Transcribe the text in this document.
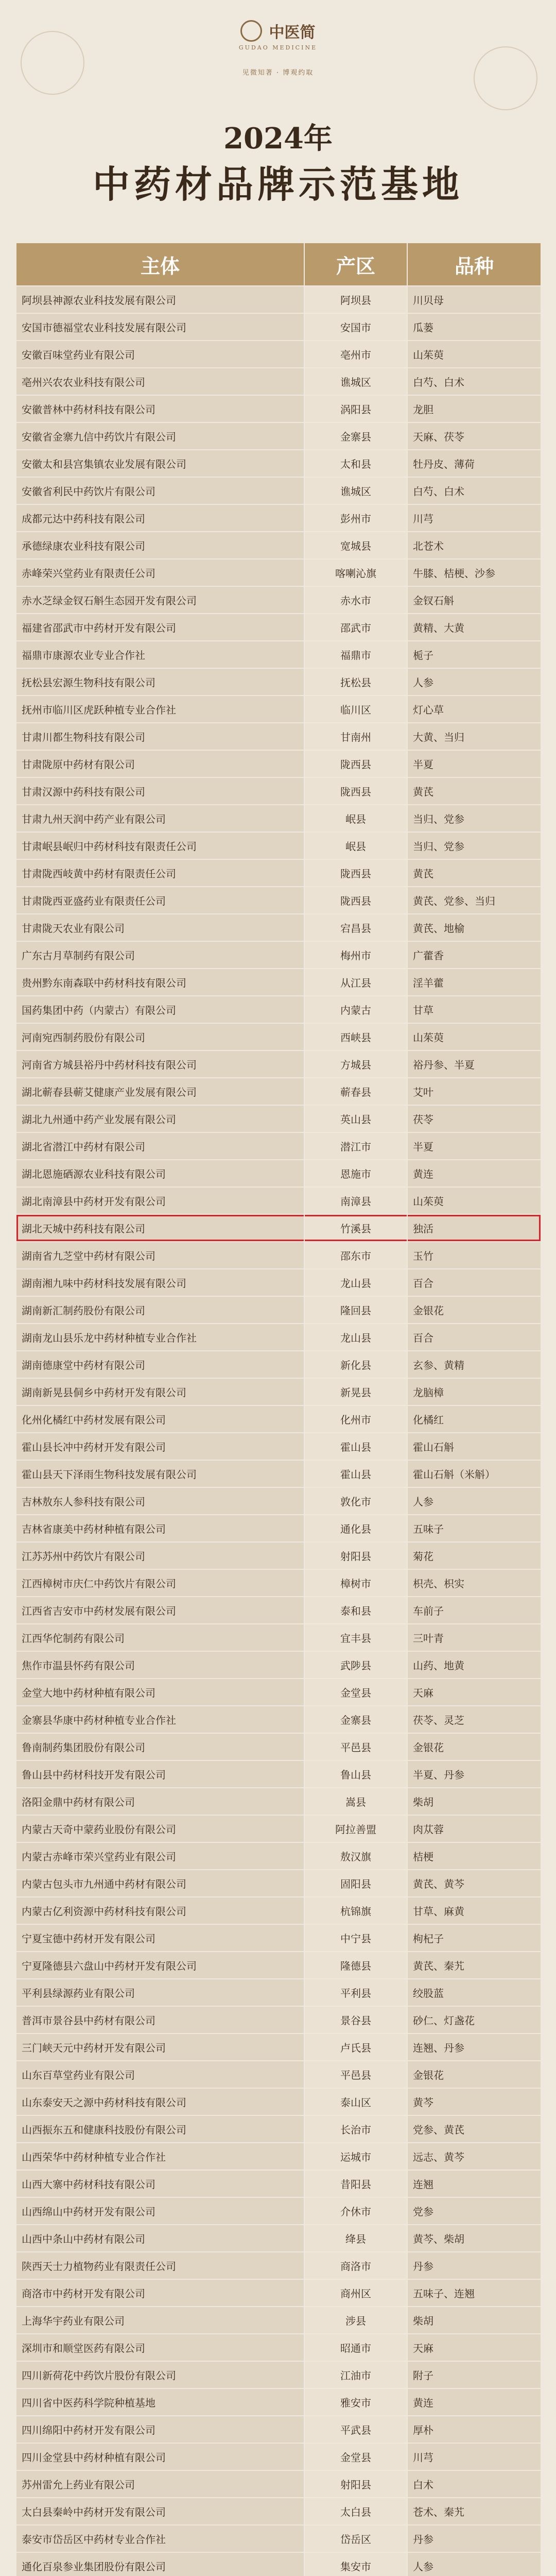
中医简
GUDAO MEDICINE
见微知著 · 博观约取
2024年
中药材品牌示范基地
主体	产区	品种
阿坝县神源农业科技发展有限公司	阿坝县	川贝母
安国市德福堂农业科技发展有限公司	安国市	瓜蒌
安徽百味堂药业有限公司	亳州市	山茱萸
亳州兴农农业科技有限公司	谯城区	白芍、白术
安徽普林中药材科技有限公司	涡阳县	龙胆
安徽省金寨九信中药饮片有限公司	金寨县	天麻、茯苓
安徽太和县宫集镇农业发展有限公司	太和县	牡丹皮、薄荷
安徽省利民中药饮片有限公司	谯城区	白芍、白术
成都元达中药科技有限公司	彭州市	川芎
承德绿康农业科技有限公司	宽城县	北苍术
赤峰荣兴堂药业有限责任公司	喀喇沁旗	牛膝、桔梗、沙参
赤水芝绿金钗石斛生态园开发有限公司	赤水市	金钗石斛
福建省邵武市中药材开发有限公司	邵武市	黄精、大黄
福鼎市康源农业专业合作社	福鼎市	栀子
抚松县宏源生物科技有限公司	抚松县	人参
抚州市临川区虎跃种植专业合作社	临川区	灯心草
甘肃川都生物科技有限公司	甘南州	大黄、当归
甘肃陇原中药材有限公司	陇西县	半夏
甘肃汉源中药科技有限公司	陇西县	黄芪
甘肃九州天润中药产业有限公司	岷县	当归、党参
甘肃岷县岷归中药材科技有限责任公司	岷县	当归、党参
甘肃陇西岐黄中药材有限责任公司	陇西县	黄芪
甘肃陇西亚盛药业有限责任公司	陇西县	黄芪、党参、当归
甘肃陇天农业有限公司	宕昌县	黄芪、地榆
广东古月草制药有限公司	梅州市	广藿香
贵州黔东南森联中药材科技有限公司	从江县	淫羊藿
国药集团中药（内蒙古）有限公司	内蒙古	甘草
河南宛西制药股份有限公司	西峡县	山茱萸
河南省方城县裕丹中药材科技有限公司	方城县	裕丹参、半夏
湖北蕲春县蕲艾健康产业发展有限公司	蕲春县	艾叶
湖北九州通中药产业发展有限公司	英山县	茯苓
湖北省潜江中药材有限公司	潜江市	半夏
湖北恩施硒源农业科技有限公司	恩施市	黄连
湖北南漳县中药材开发有限公司	南漳县	山茱萸
湖北天城中药科技有限公司	竹溪县	独活
湖南省九芝堂中药材有限公司	邵东市	玉竹
湖南湘九味中药材科技发展有限公司	龙山县	百合
湖南新汇制药股份有限公司	隆回县	金银花
湖南龙山县乐龙中药材种植专业合作社	龙山县	百合
湖南德康堂中药材有限公司	新化县	玄参、黄精
湖南新晃县侗乡中药材开发有限公司	新晃县	龙脑樟
化州化橘红中药材发展有限公司	化州市	化橘红
霍山县长冲中药材开发有限公司	霍山县	霍山石斛
霍山县天下泽雨生物科技发展有限公司	霍山县	霍山石斛（米斛）
吉林敖东人参科技有限公司	敦化市	人参
吉林省康美中药材种植有限公司	通化县	五味子
江苏苏州中药饮片有限公司	射阳县	菊花
江西樟树市庆仁中药饮片有限公司	樟树市	枳壳、枳实
江西省吉安市中药材发展有限公司	泰和县	车前子
江西华佗制药有限公司	宜丰县	三叶青
焦作市温县怀药有限公司	武陟县	山药、地黄
金堂大地中药材种植有限公司	金堂县	天麻
金寨县华康中药材种植专业合作社	金寨县	茯苓、灵芝
鲁南制药集团股份有限公司	平邑县	金银花
鲁山县中药材科技开发有限公司	鲁山县	半夏、丹参
洛阳金鼎中药材有限公司	嵩县	柴胡
内蒙古天奇中蒙药业股份有限公司	阿拉善盟	肉苁蓉
内蒙古赤峰市荣兴堂药业有限公司	敖汉旗	桔梗
内蒙古包头市九州通中药材有限公司	固阳县	黄芪、黄芩
内蒙古亿利资源中药材科技有限公司	杭锦旗	甘草、麻黄
宁夏宝德中药材开发有限公司	中宁县	枸杞子
宁夏隆德县六盘山中药材开发有限公司	隆德县	黄芪、秦艽
平利县绿源药业有限公司	平利县	绞股蓝
普洱市景谷县中药材有限公司	景谷县	砂仁、灯盏花
三门峡天元中药材开发有限公司	卢氏县	连翘、丹参
山东百草堂药业有限公司	平邑县	金银花
山东泰安天之源中药材科技有限公司	泰山区	黄芩
山西振东五和健康科技股份有限公司	长治市	党参、黄芪
山西荣华中药材种植专业合作社	运城市	远志、黄芩
山西大寨中药材科技有限公司	昔阳县	连翘
山西绵山中药材开发有限公司	介休市	党参
山西中条山中药材有限公司	绛县	黄芩、柴胡
陕西天士力植物药业有限责任公司	商洛市	丹参
商洛市中药材开发有限公司	商州区	五味子、连翘
上海华宇药业有限公司	涉县	柴胡
深圳市和顺堂医药有限公司	昭通市	天麻
四川新荷花中药饮片股份有限公司	江油市	附子
四川省中医药科学院种植基地	雅安市	黄连
四川绵阳中药材开发有限公司	平武县	厚朴
四川金堂县中药材种植有限公司	金堂县	川芎
苏州雷允上药业有限公司	射阳县	白术
太白县秦岭中药材开发有限公司	太白县	苍术、秦艽
泰安市岱岳区中药材专业合作社	岱岳区	丹参
通化百泉参业集团股份有限公司	集安市	人参
